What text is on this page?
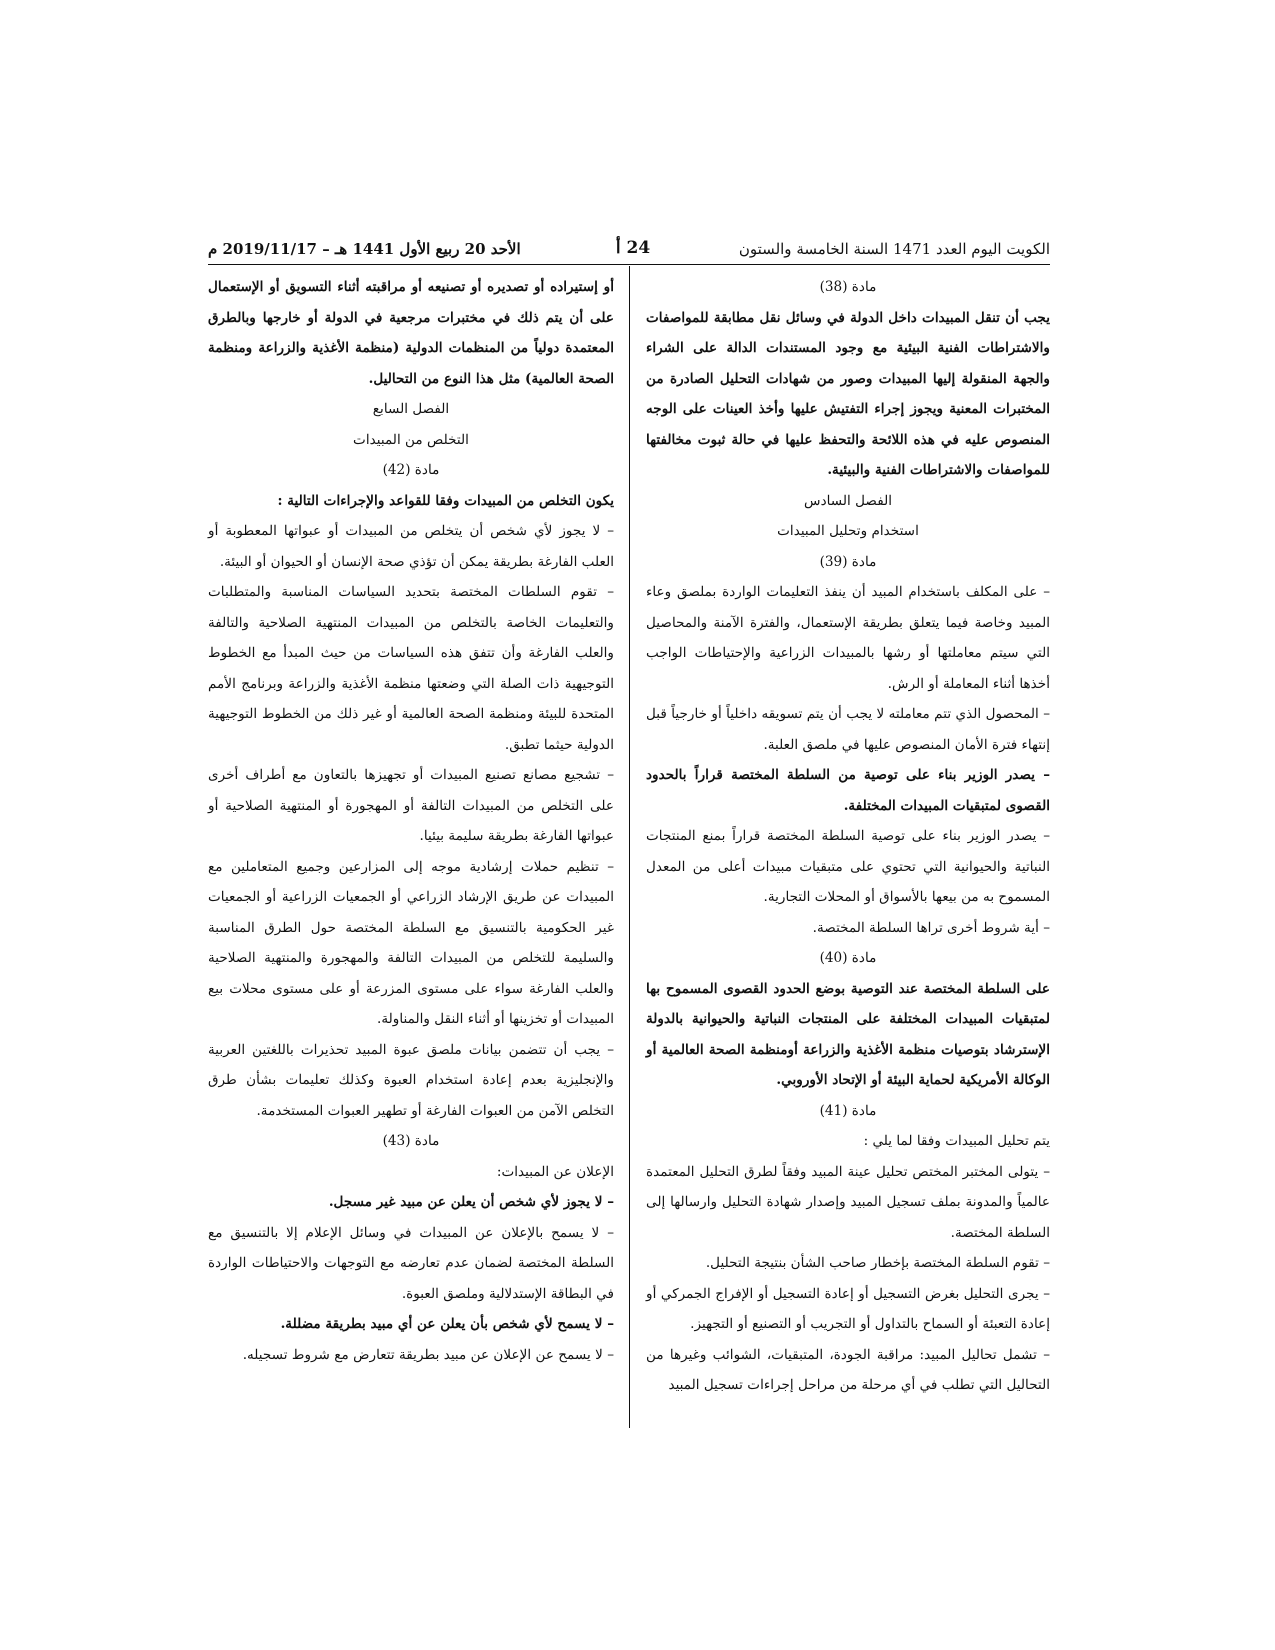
الكويت اليوم العدد 1471 السنة الخامسة والستون
24 أ
الأحد 20 ربيع الأول 1441 هـ – 2019/11/17 م

مادة (38)

يجب أن تنقل المبيدات داخل الدولة في وسائل نقل مطابقة للمواصفات والاشتراطات الفنية البيئية مع وجود المستندات الدالة على الشراء والجهة المنقولة إليها المبيدات وصور من شهادات التحليل الصادرة من المختبرات المعنية ويجوز إجراء التفتيش عليها وأخذ العينات على الوجه المنصوص عليه في هذه اللائحة والتحفظ عليها في حالة ثبوت مخالفتها للمواصفات والاشتراطات الفنية والبيئية.

الفصل السادس

استخدام وتحليل المبيدات

مادة (39)

– على المكلف باستخدام المبيد أن ينفذ التعليمات الواردة بملصق وعاء المبيد وخاصة فيما يتعلق بطريقة الإستعمال، والفترة الآمنة والمحاصيل التي سيتم معاملتها أو رشها بالمبيدات الزراعية والإحتياطات الواجب أخذها أثناء المعاملة أو الرش.

– المحصول الذي تتم معاملته لا يجب أن يتم تسويقه داخلياً أو خارجياً قبل إنتهاء فترة الأمان المنصوص عليها في ملصق العلبة.

– يصدر الوزير بناء على توصية من السلطة المختصة قراراً بالحدود القصوى لمتبقيات المبيدات المختلفة.

– يصدر الوزير بناء على توصية السلطة المختصة قراراً بمنع المنتجات النباتية والحيوانية التي تحتوي على متبقيات مبيدات أعلى من المعدل المسموح به من بيعها بالأسواق أو المحلات التجارية.

– أية شروط أخرى تراها السلطة المختصة.

مادة (40)

على السلطة المختصة عند التوصية بوضع الحدود القصوى المسموح بها لمتبقيات المبيدات المختلفة على المنتجات النباتية والحيوانية بالدولة الإسترشاد بتوصيات منظمة الأغذية والزراعة أومنظمة الصحة العالمية أو الوكالة الأمريكية لحماية البيئة أو الإتحاد الأوروبي.

مادة (41)

يتم تحليل المبيدات وفقا لما يلي :

– يتولى المختبر المختص تحليل عينة المبيد وفقاً لطرق التحليل المعتمدة عالمياً والمدونة بملف تسجيل المبيد وإصدار شهادة التحليل وارسالها إلى السلطة المختصة.

– تقوم السلطة المختصة بإخطار صاحب الشأن بنتيجة التحليل.

– يجرى التحليل بغرض التسجيل أو إعادة التسجيل أو الإفراج الجمركي أو إعادة التعبئة أو السماح بالتداول أو التجريب أو التصنيع أو التجهيز.

– تشمل تحاليل المبيد: مراقبة الجودة، المتبقيات، الشوائب وغيرها من التحاليل التي تطلب في أي مرحلة من مراحل إجراءات تسجيل المبيد

أو إستيراده أو تصديره أو تصنيعه أو مراقبته أثناء التسويق أو الإستعمال على أن يتم ذلك في مختبرات مرجعية في الدولة أو خارجها وبالطرق المعتمدة دولياً من المنظمات الدولية (منظمة الأغذية والزراعة ومنظمة الصحة العالمية) مثل هذا النوع من التحاليل.

الفصل السابع

التخلص من المبيدات

مادة (42)

يكون التخلص من المبيدات وفقا للقواعد والإجراءات التالية :

– لا يجوز لأي شخص أن يتخلص من المبيدات أو عبواتها المعطوبة أو العلب الفارغة بطريقة يمكن أن تؤذي صحة الإنسان أو الحيوان أو البيئة.

– تقوم السلطات المختصة بتحديد السياسات المناسبة والمتطلبات والتعليمات الخاصة بالتخلص من المبيدات المنتهية الصلاحية والتالفة والعلب الفارغة وأن تتفق هذه السياسات من حيث المبدأ مع الخطوط التوجيهية ذات الصلة التي وضعتها منظمة الأغذية والزراعة وبرنامج الأمم المتحدة للبيئة ومنظمة الصحة العالمية أو غير ذلك من الخطوط التوجيهية الدولية حيثما تطبق.

– تشجيع مصانع تصنيع المبيدات أو تجهيزها بالتعاون مع أطراف أخرى على التخلص من المبيدات التالفة أو المهجورة أو المنتهية الصلاحية أو عبواتها الفارغة بطريقة سليمة بيئيا.

– تنظيم حملات إرشادية موجه إلى المزارعين وجميع المتعاملين مع المبيدات عن طريق الإرشاد الزراعي أو الجمعيات الزراعية أو الجمعيات غير الحكومية بالتنسيق مع السلطة المختصة حول الطرق المناسبة والسليمة للتخلص من المبيدات التالفة والمهجورة والمنتهية الصلاحية والعلب الفارغة سواء على مستوى المزرعة أو على مستوى محلات بيع المبيدات أو تخزينها أو أثناء النقل والمناولة.

– يجب أن تتضمن بيانات ملصق عبوة المبيد تحذيرات باللغتين العربية والإنجليزية بعدم إعادة استخدام العبوة وكذلك تعليمات بشأن طرق التخلص الآمن من العبوات الفارغة أو تطهير العبوات المستخدمة.

مادة (43)

الإعلان عن المبيدات:

– لا يجوز لأي شخص أن يعلن عن مبيد غير مسجل.

– لا يسمح بالإعلان عن المبيدات في وسائل الإعلام إلا بالتنسيق مع السلطة المختصة لضمان عدم تعارضه مع التوجهات والاحتياطات الواردة في البطاقة الإستدلالية وملصق العبوة.

– لا يسمح لأي شخص بأن يعلن عن أي مبيد بطريقة مضللة.

– لا يسمح عن الإعلان عن مبيد بطريقة تتعارض مع شروط تسجيله.
